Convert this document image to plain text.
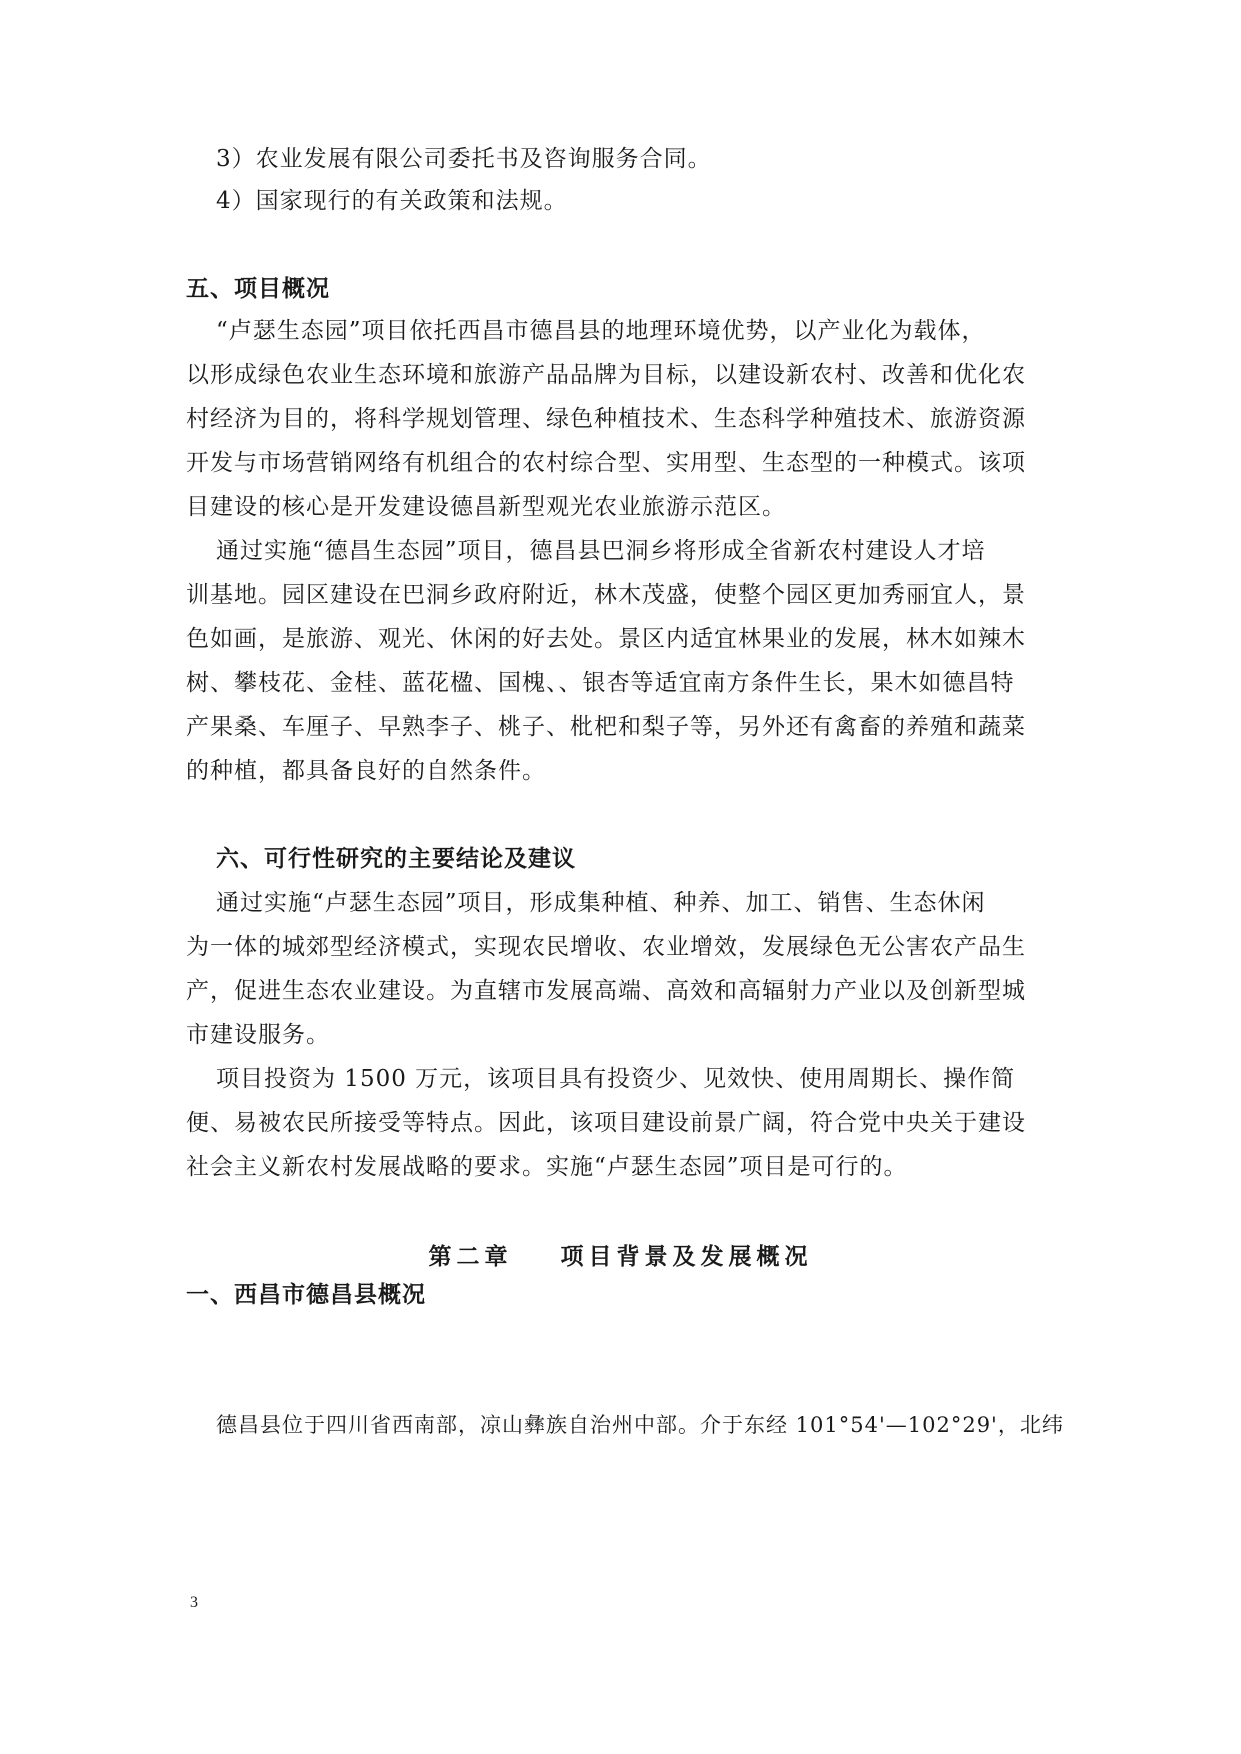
3）农业发展有限公司委托书及咨询服务合同。
4）国家现行的有关政策和法规。
五、项目概况
“卢瑟生态园”项目依托西昌市德昌县的地理环境优势，以产业化为载体，
以形成绿色农业生态环境和旅游产品品牌为目标，以建设新农村、改善和优化农
村经济为目的，将科学规划管理、绿色种植技术、生态科学种殖技术、旅游资源
开发与市场营销网络有机组合的农村综合型、实用型、生态型的一种模式。该项
目建设的核心是开发建设德昌新型观光农业旅游示范区。
通过实施“德昌生态园”项目，德昌县巴洞乡将形成全省新农村建设人才培
训基地。园区建设在巴洞乡政府附近，林木茂盛，使整个园区更加秀丽宜人，景
色如画，是旅游、观光、休闲的好去处。景区内适宜林果业的发展，林木如辣木
树、攀枝花、金桂、蓝花楹、国槐、、银杏等适宜南方条件生长，果木如德昌特
产果桑、车厘子、早熟李子、桃子、枇杷和梨子等，另外还有禽畜的养殖和蔬菜
的种植，都具备良好的自然条件。
六、可行性研究的主要结论及建议
通过实施“卢瑟生态园”项目，形成集种植、种养、加工、销售、生态休闲
为一体的城郊型经济模式，实现农民增收、农业增效，发展绿色无公害农产品生
产，促进生态农业建设。为直辖市发展高端、高效和高辐射力产业以及创新型城
市建设服务。
项目投资为 1500 万元，该项目具有投资少、见效快、使用周期长、操作简
便、易被农民所接受等特点。因此，该项目建设前景广阔，符合党中央关于建设
社会主义新农村发展战略的要求。实施“卢瑟生态园”项目是可行的。
第二章 项目背景及发展概况
一、西昌市德昌县概况
德昌县位于四川省西南部，凉山彝族自治州中部。介于东经 101°54'—102°29'，北纬
3
